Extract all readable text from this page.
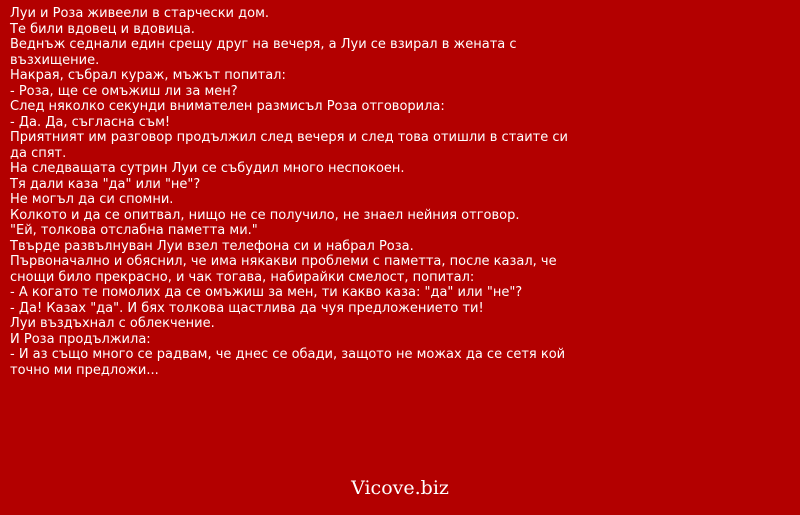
Луи и Роза живеели в старчески дом.
Те били вдовец и вдовица.
Веднъж седнали един срещу друг на вечеря, а Луи се взирал в жената с възхищение.
Накрая, събрал кураж, мъжът попитал:
- Роза, ще се омъжиш ли за мен?
След няколко секунди внимателен размисъл Роза отговорила:
- Да. Да, съгласна съм!
Приятният им разговор продължил след вечеря и след това отишли в стаите си да спят.
На следващата сутрин Луи се събудил много неспокоен.
Тя дали каза "да" или "не"?
Не могъл да си спомни.
Колкото и да се опитвал, нищо не се получило, не знаел нейния отговор.
"Ей, толкова отслабна паметта ми."
Твърде развълнуван Луи взел телефона си и набрал Роза.
Първоначално и обяснил, че има някакви проблеми с паметта, после казал, че снощи било прекрасно, и чак тогава, набирайки смелост, попитал:
- А когато те помолих да се омъжиш за мен, ти какво каза: "да" или "не"?
- Да! Казах "да". И бях толкова щастлива да чуя предложението ти!
Луи въздъхнал с облекчение.
И Роза продължила:
- И аз също много се радвам, че днес се обади, защото не можах да се сетя кой точно ми предложи...
Vicove.biz
